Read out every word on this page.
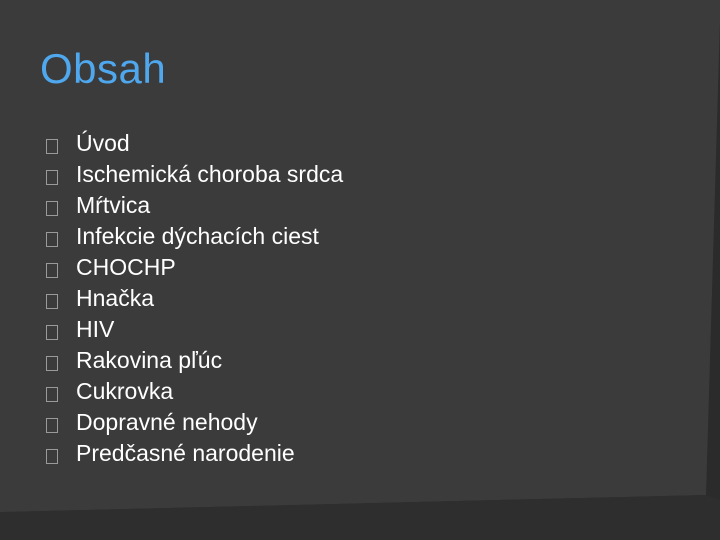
Obsah
Úvod
Ischemická choroba srdca
Mŕtvica
Infekcie dýchacích ciest
CHOCHP
Hnačka
HIV
Rakovina pľúc
Cukrovka
Dopravné nehody
Predčasné narodenie
